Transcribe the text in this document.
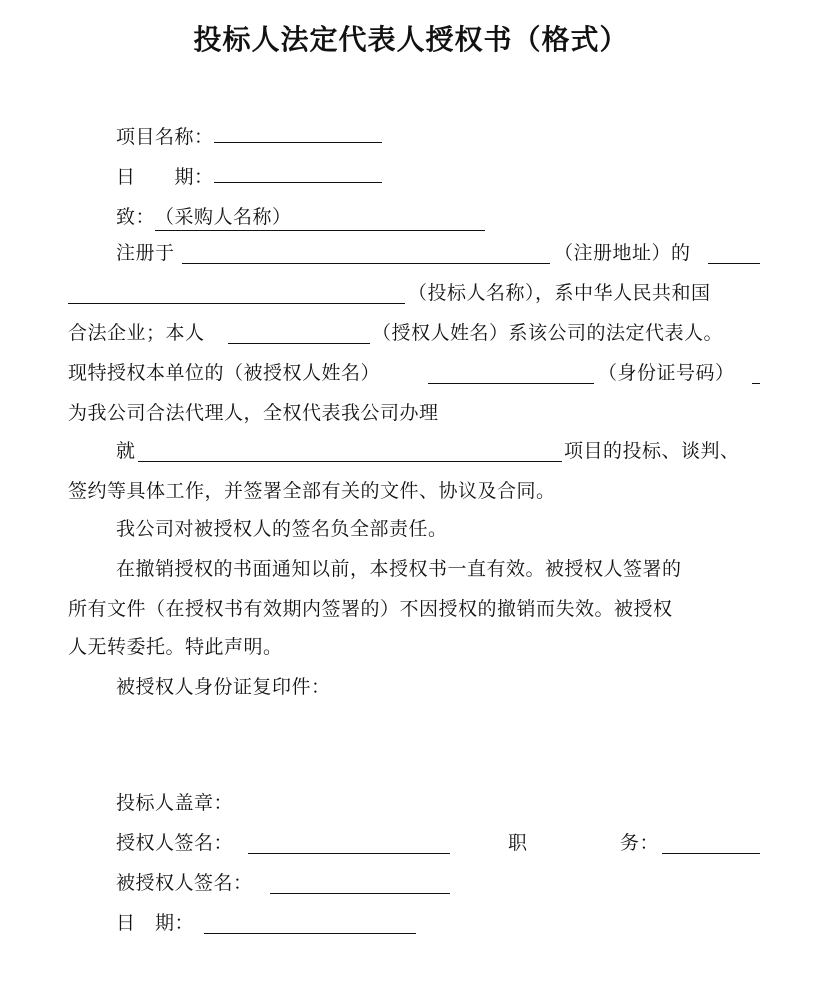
投标人法定代表人授权书（格式）
项目名称：
日　　期：
致：（采购人名称）
注册于	（注册地址）的
（投标人名称），系中华人民共和国
合法企业；本人	（授权人姓名）系该公司的法定代表人。
现特授权本单位的（被授权人姓名）	（身份证号码）
为我公司合法代理人，全权代表我公司办理
就	项目的投标、谈判、
签约等具体工作，并签署全部有关的文件、协议及合同。
我公司对被授权人的签名负全部责任。
在撤销授权的书面通知以前，本授权书一直有效。被授权人签署的
所有文件（在授权书有效期内签署的）不因授权的撤销而失效。被授权
人无转委托。特此声明。
被授权人身份证复印件：
投标人盖章：
授权人签名：	职	务：
被授权人签名：
日　期：
